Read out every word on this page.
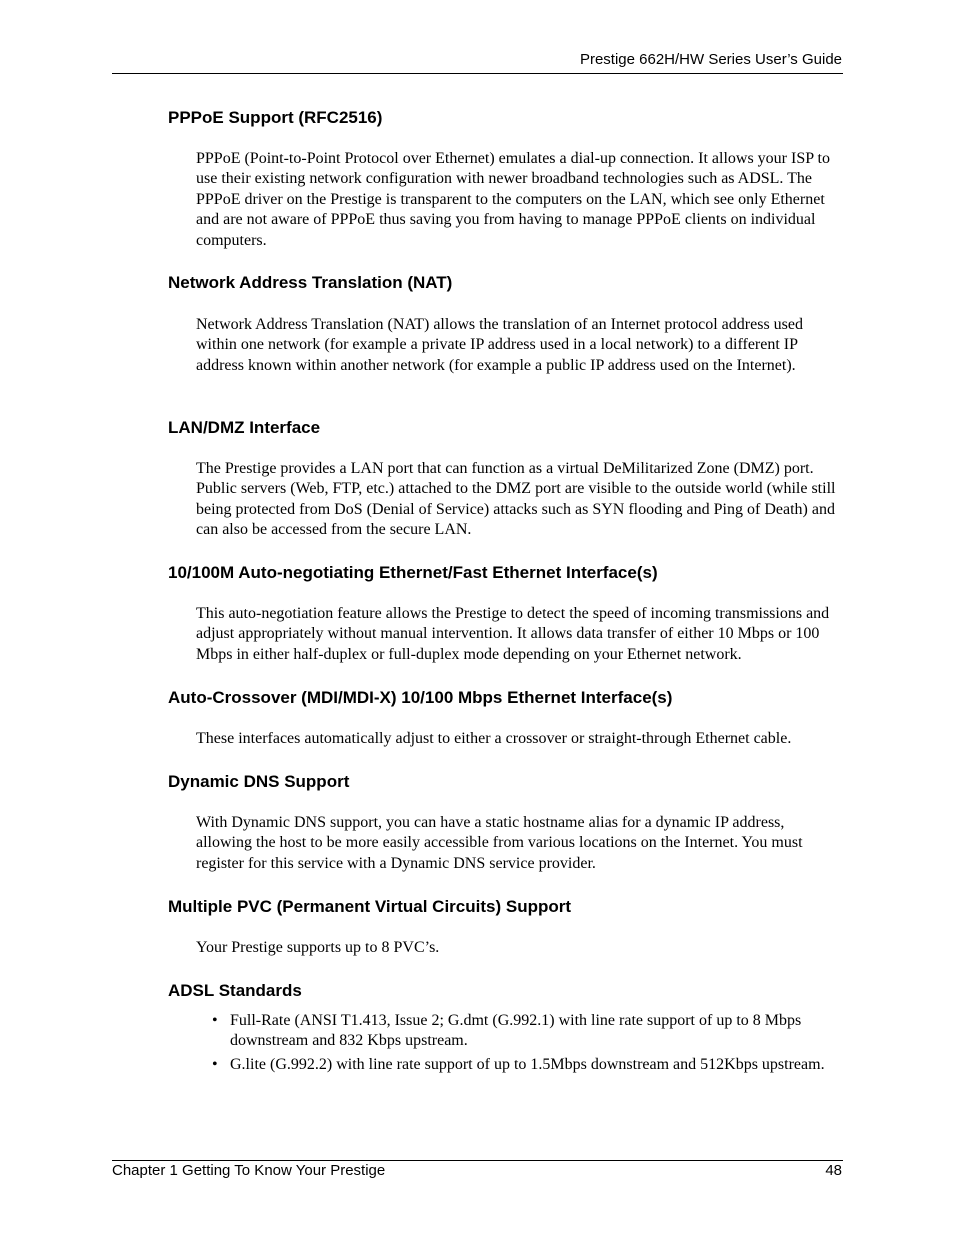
Prestige 662H/HW Series User’s Guide
PPPoE Support (RFC2516)

PPPoE (Point-to-Point Protocol over Ethernet) emulates a dial-up connection. It allows your ISP to use their existing network configuration with newer broadband technologies such as ADSL. The PPPoE driver on the Prestige is transparent to the computers on the LAN, which see only Ethernet and are not aware of PPPoE thus saving you from having to manage PPPoE clients on individual computers.

Network Address Translation (NAT)

Network Address Translation (NAT) allows the translation of an Internet protocol address used within one network (for example a private IP address used in a local network) to a different IP address known within another network (for example a public IP address used on the Internet).

LAN/DMZ Interface

The Prestige provides a LAN port that can function as a virtual DeMilitarized Zone (DMZ) port. Public servers (Web, FTP, etc.) attached to the DMZ port are visible to the outside world (while still being protected from DoS (Denial of Service) attacks such as SYN flooding and Ping of Death) and can also be accessed from the secure LAN.

10/100M Auto-negotiating Ethernet/Fast Ethernet Interface(s)

This auto-negotiation feature allows the Prestige to detect the speed of incoming transmissions and adjust appropriately without manual intervention. It allows data transfer of either 10 Mbps or 100 Mbps in either half-duplex or full-duplex mode depending on your Ethernet network.

Auto-Crossover (MDI/MDI-X) 10/100 Mbps Ethernet Interface(s)

These interfaces automatically adjust to either a crossover or straight-through Ethernet cable.

Dynamic DNS Support

With Dynamic DNS support, you can have a static hostname alias for a dynamic IP address, allowing the host to be more easily accessible from various locations on the Internet. You must register for this service with a Dynamic DNS service provider.

Multiple PVC (Permanent Virtual Circuits) Support

Your Prestige supports up to 8 PVC’s.

ADSL Standards
• Full-Rate (ANSI T1.413, Issue 2; G.dmt (G.992.1) with line rate support of up to 8 Mbps downstream and 832 Kbps upstream.
• G.lite (G.992.2) with line rate support of up to 1.5Mbps downstream and 512Kbps upstream.
Chapter 1 Getting To Know Your Prestige	48
